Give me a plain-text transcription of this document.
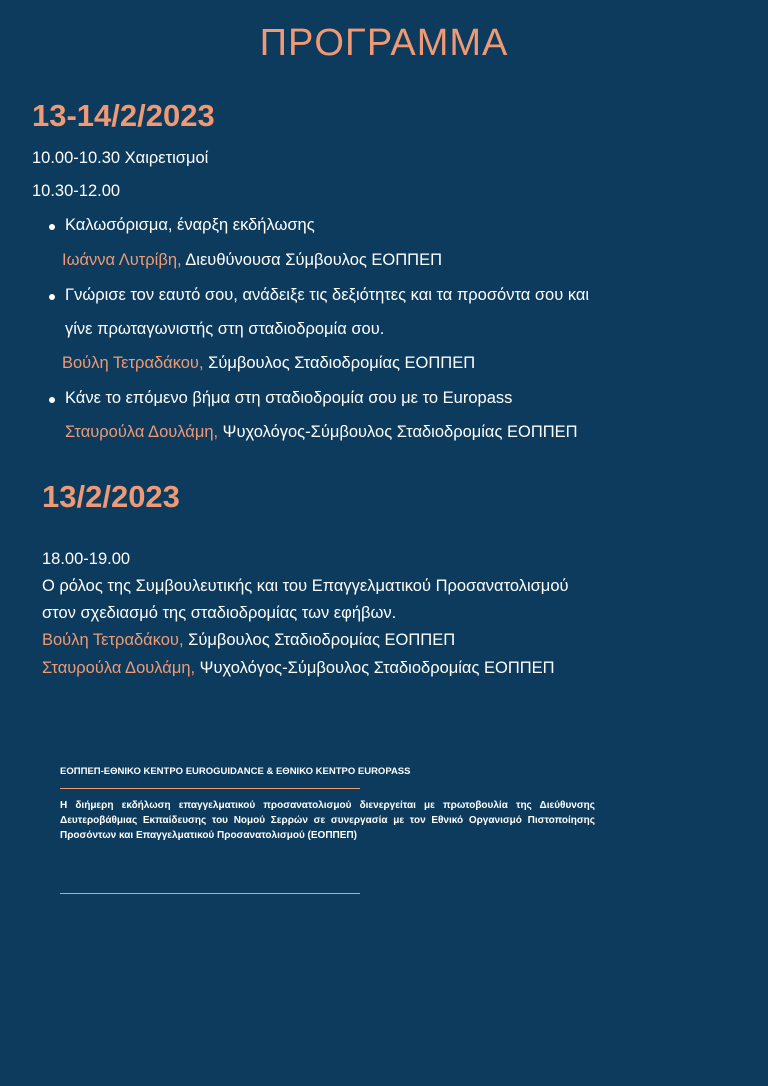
ΠΡΟΓΡΑΜΜΑ
13-14/2/2023
10.00-10.30 Χαιρετισμοί
10.30-12.00
Καλωσόρισμα, έναρξη εκδήλωσης
Ιωάννα Λυτρίβη, Διευθύνουσα Σύμβουλος ΕΟΠΠΕΠ
Γνώρισε τον εαυτό σου, ανάδειξε τις δεξιότητες και τα προσόντα σου και
γίνε πρωταγωνιστής στη σταδιοδρομία σου.
Βούλη Τετραδάκου, Σύμβουλος Σταδιοδρομίας ΕΟΠΠΕΠ
Κάνε το επόμενο βήμα στη σταδιοδρομία σου με το Europass
Σταυρούλα Δουλάμη, Ψυχολόγος-Σύμβουλος Σταδιοδρομίας ΕΟΠΠΕΠ
13/2/2023
18.00-19.00
Ο ρόλος της Συμβουλευτικής και του Επαγγελματικού Προσανατολισμού
στον σχεδιασμό της σταδιοδρομίας των εφήβων.
Βούλη Τετραδάκου, Σύμβουλος Σταδιοδρομίας ΕΟΠΠΕΠ
Σταυρούλα Δουλάμη, Ψυχολόγος-Σύμβουλος Σταδιοδρομίας ΕΟΠΠΕΠ
ΕΟΠΠΕΠ-ΕΘΝΙΚΟ ΚΕΝΤΡΟ EUROGUIDANCE & ΕΘΝΙΚΟ ΚΕΝΤΡΟ EUROPASS
Η διήμερη εκδήλωση επαγγελματικού προσανατολισμού διενεργείται με πρωτοβουλία της Διεύθυνσης Δευτεροβάθμιας Εκπαίδευσης του Νομού Σερρών σε συνεργασία με τον Εθνικό Οργανισμό Πιστοποίησης Προσόντων και Επαγγελματικού Προσανατολισμού (ΕΟΠΠΕΠ)
